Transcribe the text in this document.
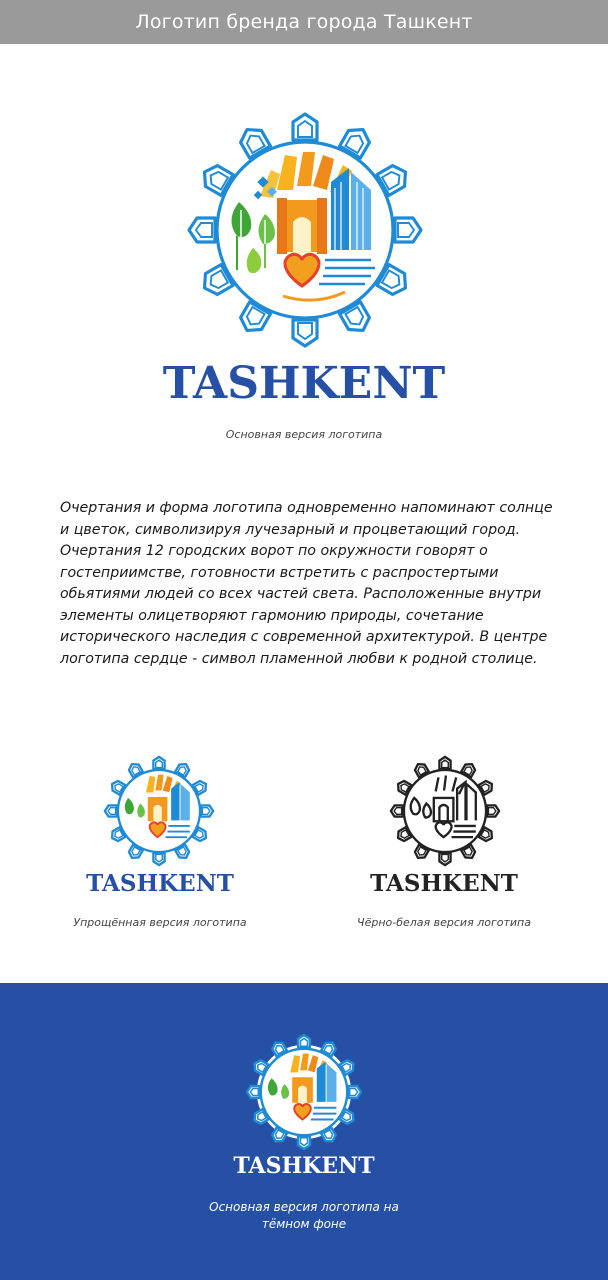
Логотип бренда города Ташкент
TASHKENT
Основная версия логотипа
Очертания и форма логотипа одновременно напоминают солнце и цветок, символизируя лучезарный и процветающий город. Очертания 12 городских ворот по окружности говорят о гостеприимстве, готовности встретить с распростертыми обьятиями людей со всех частей света. Расположенные внутри элементы олицетворяют гармонию природы, сочетание исторического наследия с современной архитектурой. В центре логотипа сердце - символ пламенной любви к родной столице.
TASHKENT
Упрощённая версия логотипа
TASHKENT
Чёрно-белая версия логотипа
TASHKENT
Основная версия логотипа на
тёмном фоне
